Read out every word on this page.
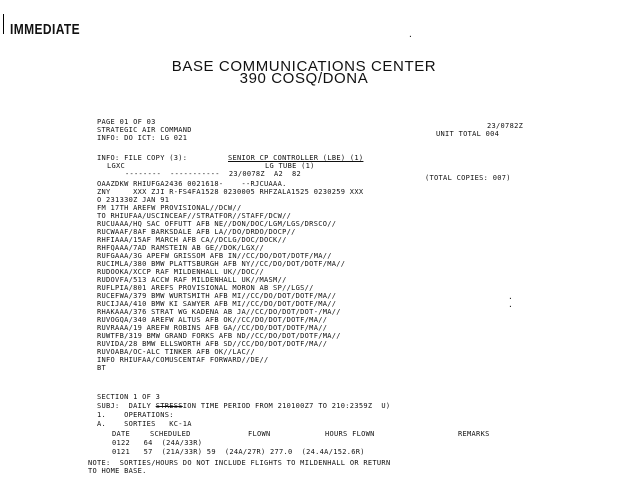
IMMEDIATE	.
BASE COMMUNICATIONS CENTER
390 COSQ/DONA
PAGE 01 OF 03	23/0782Z
STRATEGIC AIR COMMAND	UNIT TOTAL 004
INFO: DO ICT: LG 021
INFO: FILE COPY (3):	SENIOR CP CONTROLLER (LBE) (1)
LGXC	LG TUBE (1)
--------  -----------  23/0078Z  A2  82	(TOTAL COPIES: 007)
OAAZDKW RHIUFGA2436 0021618-    --RJCUAAA.
ZNY     XXX ZJI R-FS4FA1528 0230005 RHFZALA1525 0230259 XXX
O 231330Z JAN 91
FM 17TH AREFW PROVISIONAL//DCW//
TO RHIUFAA/USCINCEAF//STRATFOR//STAFF/DCW//
RUCUAAA/HQ SAC OFFUTT AFB NE//DON/DOC/LGM/LGS/DRSCO//
RUCWAAF/8AF BARKSDALE AFB LA//DO/DRDO/DOCP//
RHFIAAA/15AF MARCH AFB CA//DCLG/DOC/DOCK//
RHFQAAA/7AD RAMSTEIN AB GE//DOK/LGX//
RUFGAAA/3G APEFW GRISSOM AFB IN//CC/DO/DOT/DOTF/MA//
RUCIMLA/380 BMW PLATTSBURGH AFB NY//CC/DO/DOT/DOTF/MA//
RUDOOKA/XCCP RAF MILDENHALL UK//DOC//
RUDOVFA/513 ACCW RAF MILDENHALL UK//MASM//
RUFLPIA/801 AREFS PROVISIONAL MORON AB SP//LGS//
RUCEFWA/379 BMW WURTSMITH AFB MI//CC/DO/DOT/DOTF/MA//
RUCIJAA/410 BMW KI SAWYER AFB MI//CC/DO/DOT/DOTF/MA//
RHAKAAA/376 STRAT WG KADENA AB JA//CC/DO/DOT/DOT-/MA//
RUVOGQA/340 AREFW ALTUS AFB OK//CC/DO/DOT/DOTF/MA//
RUVRAAA/19 AREFW ROBINS AFB GA//CC/DO/DOT/DOTF/MA//
RUWTFB/319 BMW GRAND FORKS AFB ND//CC/DO/DOT/DOTF/MA//
RUVIDA/28 BMW ELLSWORTH AFB SD//CC/DO/DOT/DOTF/MA//
RUVOABA/OC-ALC TINKER AFB OK//LAC//
INFO RHIUFAA/COMUSCENTAF FORWARD//DE//
BT
.
.
SECTION 1 OF 3
SUBJ:  DAILY STRESSION TIME PERIOD FROM 210100Z7 TO 210:2359Z  U)
1.    OPERATIONS:
A.    SORTIES   KC-1A
DATE	SCHEDULED	FLOWN	HOURS FLOWN	REMARKS
0122   64  (24A/33R)
0121   57  (21A/33R) 59  (24A/27R) 277.0  (24.4A/152.6R)
NOTE:  SORTIES/HOURS DO NOT INCLUDE FLIGHTS TO MILDENHALL OR RETURN
TO HOME BASE.
